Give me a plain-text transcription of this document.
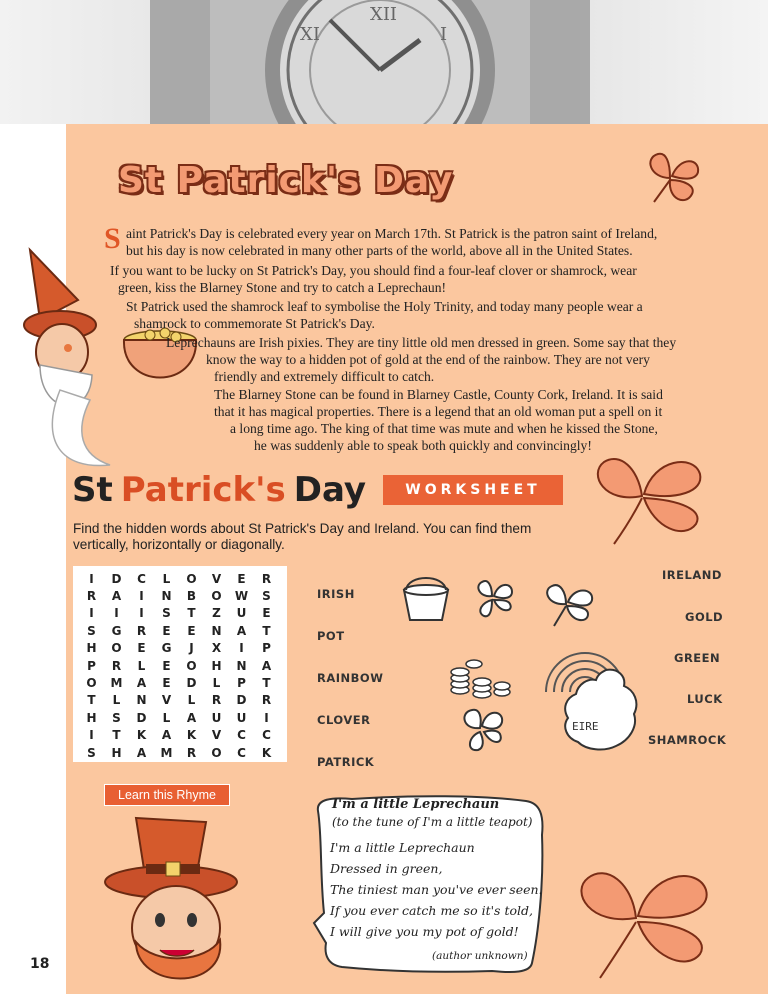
XI
XII
I
St Patrick's Day
S aint Patrick's Day is celebrated every year on March 17th. St Patrick is the patron saint of Ireland,
but his day is now celebrated in many other parts of the world, above all in the United States.
If you want to be lucky on St Patrick's Day, you should find a four-leaf clover or shamrock, wear
green, kiss the Blarney Stone and try to catch a Leprechaun!
St Patrick used the shamrock leaf to symbolise the Holy Trinity, and today many people wear a
shamrock to commemorate St Patrick's Day.
Leprechauns are Irish pixies. They are tiny little old men dressed in green. Some say that they
know the way to a hidden pot of gold at the end of the rainbow. They are not very
friendly and extremely difficult to catch.
The Blarney Stone can be found in Blarney Castle, County Cork, Ireland. It is said
that it has magical properties. There is a legend that an old woman put a spell on it
a long time ago. The king of that time was mute and when he kissed the Stone,
he was suddenly able to speak both quickly and convincingly!
St Patrick's Day	WORKSHEET
Find the hidden words about St Patrick's Day and Ireland. You can find them vertically, horizontally or diagonally.
I	D	C	L	O	V	E	R
R	A	I	N	B	O	W	S
I	I	I	S	T	Z	U	E
S	G	R	E	E	N	A	T
H	O	E	G	J	X	I	P
P	R	L	E	O	H	N	A
O	M	A	E	D	L	P	T
T	L	N	V	L	R	D	R
H	S	D	L	A	U	U	I
I	T	K	A	K	V	C	C
S	H	A	M	R	O	C	K
IRISH
POT
RAINBOW
CLOVER
PATRICK
IRELAND
GOLD
GREEN
LUCK
SHAMROCK
EIRE
Learn this Rhyme
I'm a little Leprechaun
(to the tune of I'm a little teapot)
I'm a little Leprechaun
Dressed in green,
The tiniest man you've ever seen.
If you ever catch me so it's told,
I will give you my pot of gold!
(author unknown)
18
